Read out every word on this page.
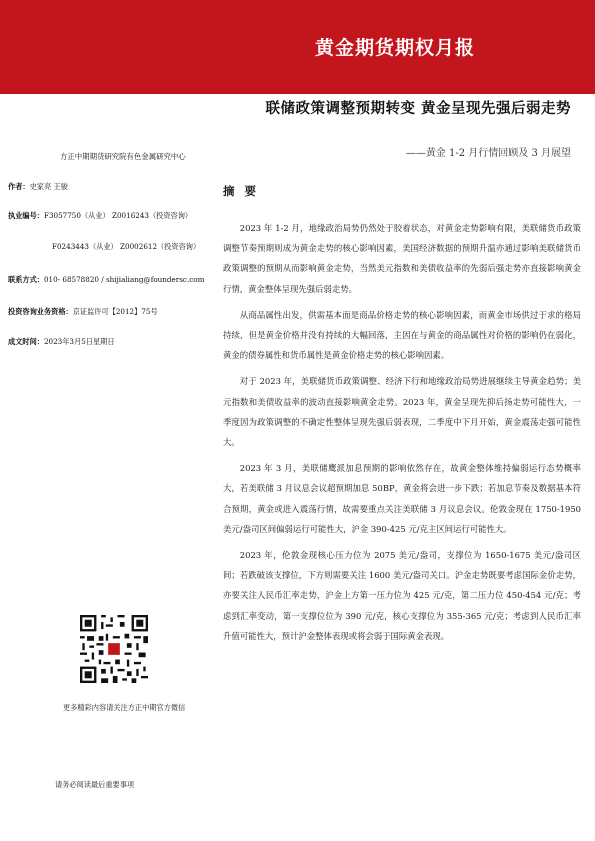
黄金期货期权月报
联储政策调整预期转变 黄金呈现先强后弱走势
——黄金 1-2 月行情回顾及 3 月展望
方正中期期货研究院有色金属研究中心
作者：史家亮 王骏
执业编号：F3057750（从业） Z0016243（投资咨询）
F0243443（从业） Z0002612（投资咨询）
联系方式：010- 68578820 / shijialiang@foundersc.com
投资咨询业务资格：京证监许可【2012】75号
成文时间：2023年3月5日星期日
更多精彩内容请关注方正中期官方微信
请务必阅读最后重要事项
摘 要

2023 年 1-2 月，地缘政治局势仍然处于胶着状态，对黄金走势影响有限，美联储货币政策调整节奏预期则成为黄金走势的核心影响因素，美国经济数据的预期升温亦通过影响美联储货币政策调整的预期从而影响黄金走势，当然美元指数和美债收益率的先弱后强走势亦直接影响黄金行情，黄金整体呈现先强后弱走势。

从商品属性出发，供需基本面是商品价格走势的核心影响因素，而黄金市场供过于求的格局持续，但是黄金价格并没有持续的大幅回落，主因在与黄金的商品属性对价格的影响仍在弱化，黄金的债券属性和货币属性是黄金价格走势的核心影响因素。

对于 2023 年，美联储货币政策调整、经济下行和地缘政治局势进展继续主导黄金趋势；美元指数和美债收益率的波动直接影响黄金走势。2023 年，黄金呈现先抑后扬走势可能性大，一季度因为政策调整的不确定性整体呈现先强后弱表现，二季度中下月开始，黄金震荡走强可能性大。

2023 年 3 月，美联储鹰派加息预期的影响依然存在，故黄金整体维持偏弱运行态势概率大，若美联储 3 月议息会议超预期加息 50BP，黄金将会进一步下跌；若加息节奏及数据基本符合预期，黄金或进入震荡行情，故需要重点关注美联储 3 月议息会议。伦敦金现在 1750-1950 美元/盎司区间偏弱运行可能性大，沪金 390-425 元/克主区间运行可能性大。

2023 年，伦敦金现核心压力位为 2075 美元/盎司，支撑位为 1650-1675 美元/盎司区间；若跌破该支撑位，下方则需要关注 1600 美元/盎司关口。沪金走势既要考虑国际金价走势，亦要关注人民币汇率走势，沪金上方第一压力位为 425 元/克，第二压力位 450-454 元/克；考虑到汇率变动，第一支撑位位为 390 元/克，核心支撑位为 355-365 元/克；考虑到人民币汇率升值可能性大，预计沪金整体表现或将会弱于国际黄金表现。
